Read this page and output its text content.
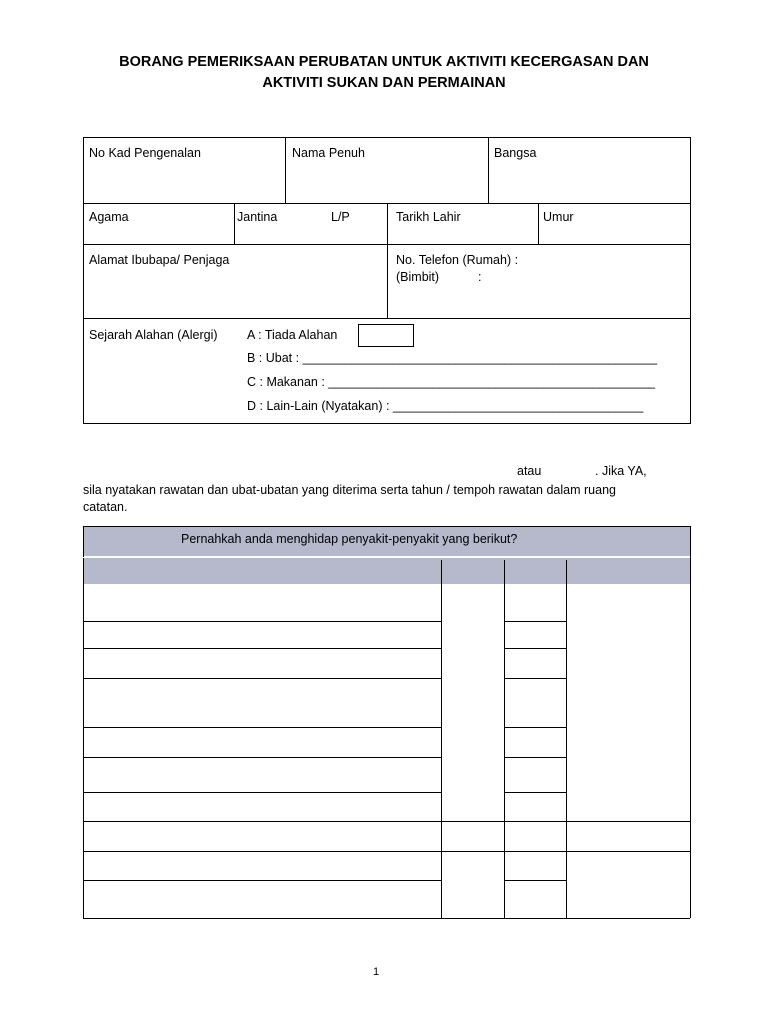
BORANG PEMERIKSAAN PERUBATAN UNTUK AKTIVITI KECERGASAN DAN
AKTIVITI SUKAN DAN PERMAINAN
No Kad Pengenalan	Nama Penuh	Bangsa
Agama	Jantina	L/P	Tarikh Lahir	Umur
Alamat Ibubapa/ Penjaga	No. Telefon (Rumah) :
(Bimbit)	:
Sejarah Alahan (Alergi) A : Tiada Alahan
B : Ubat : ___________________________________________________
C : Makanan : _______________________________________________
D : Lain-Lain (Nyatakan) : ____________________________________
atau	. Jika YA,
sila nyatakan rawatan dan ubat-ubatan yang diterima serta tahun / tempoh rawatan dalam ruang
catatan.
Pernahkah anda menghidap penyakit-penyakit yang berikut?
1
